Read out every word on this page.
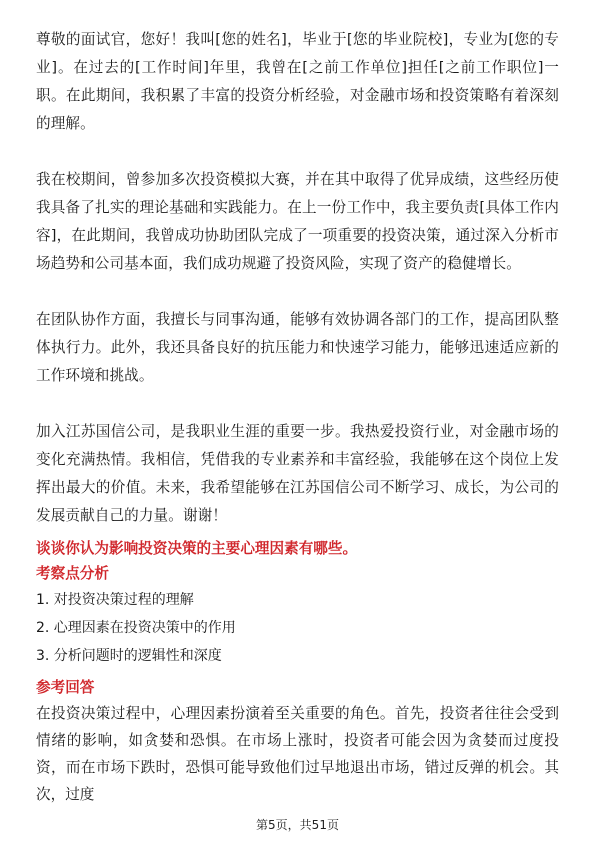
尊敬的面试官，您好！我叫[您的姓名]，毕业于[您的毕业院校]，专业为[您的专业]。在过去的[工作时间]年里，我曾在[之前工作单位]担任[之前工作职位]一职。在此期间，我积累了丰富的投资分析经验，对金融市场和投资策略有着深刻的理解。

我在校期间，曾参加多次投资模拟大赛，并在其中取得了优异成绩，这些经历使我具备了扎实的理论基础和实践能力。在上一份工作中，我主要负责[具体工作内容]，在此期间，我曾成功协助团队完成了一项重要的投资决策，通过深入分析市场趋势和公司基本面，我们成功规避了投资风险，实现了资产的稳健增长。

在团队协作方面，我擅长与同事沟通，能够有效协调各部门的工作，提高团队整体执行力。此外，我还具备良好的抗压能力和快速学习能力，能够迅速适应新的工作环境和挑战。

加入江苏国信公司，是我职业生涯的重要一步。我热爱投资行业，对金融市场的变化充满热情。我相信，凭借我的专业素养和丰富经验，我能够在这个岗位上发挥出最大的价值。未来，我希望能够在江苏国信公司不断学习、成长，为公司的发展贡献自己的力量。谢谢！

谈谈你认为影响投资决策的主要心理因素有哪些。

考察点分析

1. 对投资决策过程的理解
2. 心理因素在投资决策中的作用
3. 分析问题时的逻辑性和深度

参考回答

在投资决策过程中，心理因素扮演着至关重要的角色。首先，投资者往往会受到情绪的影响，如贪婪和恐惧。在市场上涨时，投资者可能会因为贪婪而过度投资，而在市场下跌时，恐惧可能导致他们过早地退出市场，错过反弹的机会。其次，过度

第5页，共51页
